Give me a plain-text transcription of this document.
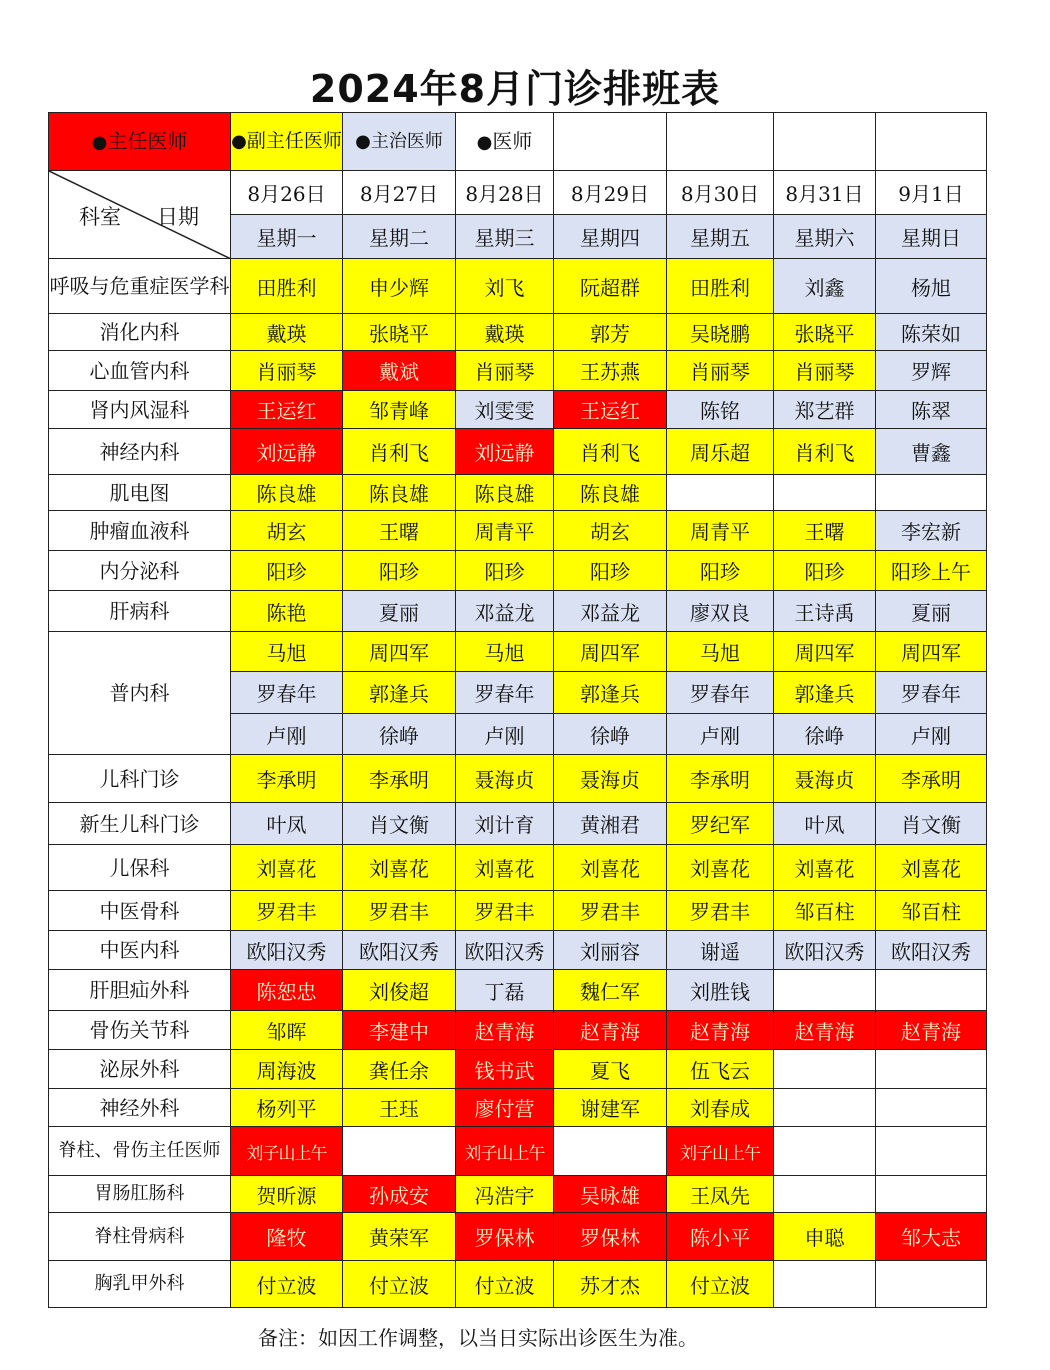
2024年8月门诊排班表
●主任医师	●副主任医师	●主治医师	●医师				

科室 日期	8月26日	8月27日	8月28日	8月29日	8月30日	8月31日	9月1日
	星期一	星期二	星期三	星期四	星期五	星期六	星期日
呼吸与危重症医学科	田胜利	申少辉	刘飞	阮超群	田胜利	刘鑫	杨旭
消化内科	戴瑛	张晓平	戴瑛	郭芳	吴晓鹏	张晓平	陈荣如
心血管内科	肖丽琴	戴斌	肖丽琴	王苏燕	肖丽琴	肖丽琴	罗辉
肾内风湿科	王运红	邹青峰	刘雯雯	王运红	陈铭	郑艺群	陈翠
神经内科	刘远静	肖利飞	刘远静	肖利飞	周乐超	肖利飞	曹鑫
肌电图	陈良雄	陈良雄	陈良雄	陈良雄			
肿瘤血液科	胡玄	王曙	周青平	胡玄	周青平	王曙	李宏新
内分泌科	阳珍	阳珍	阳珍	阳珍	阳珍	阳珍	阳珍上午
肝病科	陈艳	夏丽	邓益龙	邓益龙	廖双良	王诗禹	夏丽
普内科	马旭	周四军	马旭	周四军	马旭	周四军	周四军
	罗春年	郭逢兵	罗春年	郭逢兵	罗春年	郭逢兵	罗春年
	卢刚	徐峥	卢刚	徐峥	卢刚	徐峥	卢刚
儿科门诊	李承明	李承明	聂海贞	聂海贞	李承明	聂海贞	李承明
新生儿科门诊	叶凤	肖文衡	刘计育	黄湘君	罗纪军	叶凤	肖文衡
儿保科	刘喜花	刘喜花	刘喜花	刘喜花	刘喜花	刘喜花	刘喜花
中医骨科	罗君丰	罗君丰	罗君丰	罗君丰	罗君丰	邹百柱	邹百柱
中医内科	欧阳汉秀	欧阳汉秀	欧阳汉秀	刘丽容	谢遥	欧阳汉秀	欧阳汉秀
肝胆疝外科	陈恕忠	刘俊超	丁磊	魏仁军	刘胜钱		
骨伤关节科	邹晖	李建中	赵青海	赵青海	赵青海	赵青海	赵青海
泌尿外科	周海波	龚任余	钱书武	夏飞	伍飞云		
神经外科	杨列平	王珏	廖付营	谢建军	刘春成		
脊柱、骨伤主任医师	刘子山上午		刘子山上午		刘子山上午		
胃肠肛肠科	贺昕源	孙成安	冯浩宇	吴咏雄	王凤先		
脊柱骨病科	隆牧	黄荣军	罗保林	罗保林	陈小平	申聪	邹大志
胸乳甲外科	付立波	付立波	付立波	苏才杰	付立波		
备注：如因工作调整，以当日实际出诊医生为准。
